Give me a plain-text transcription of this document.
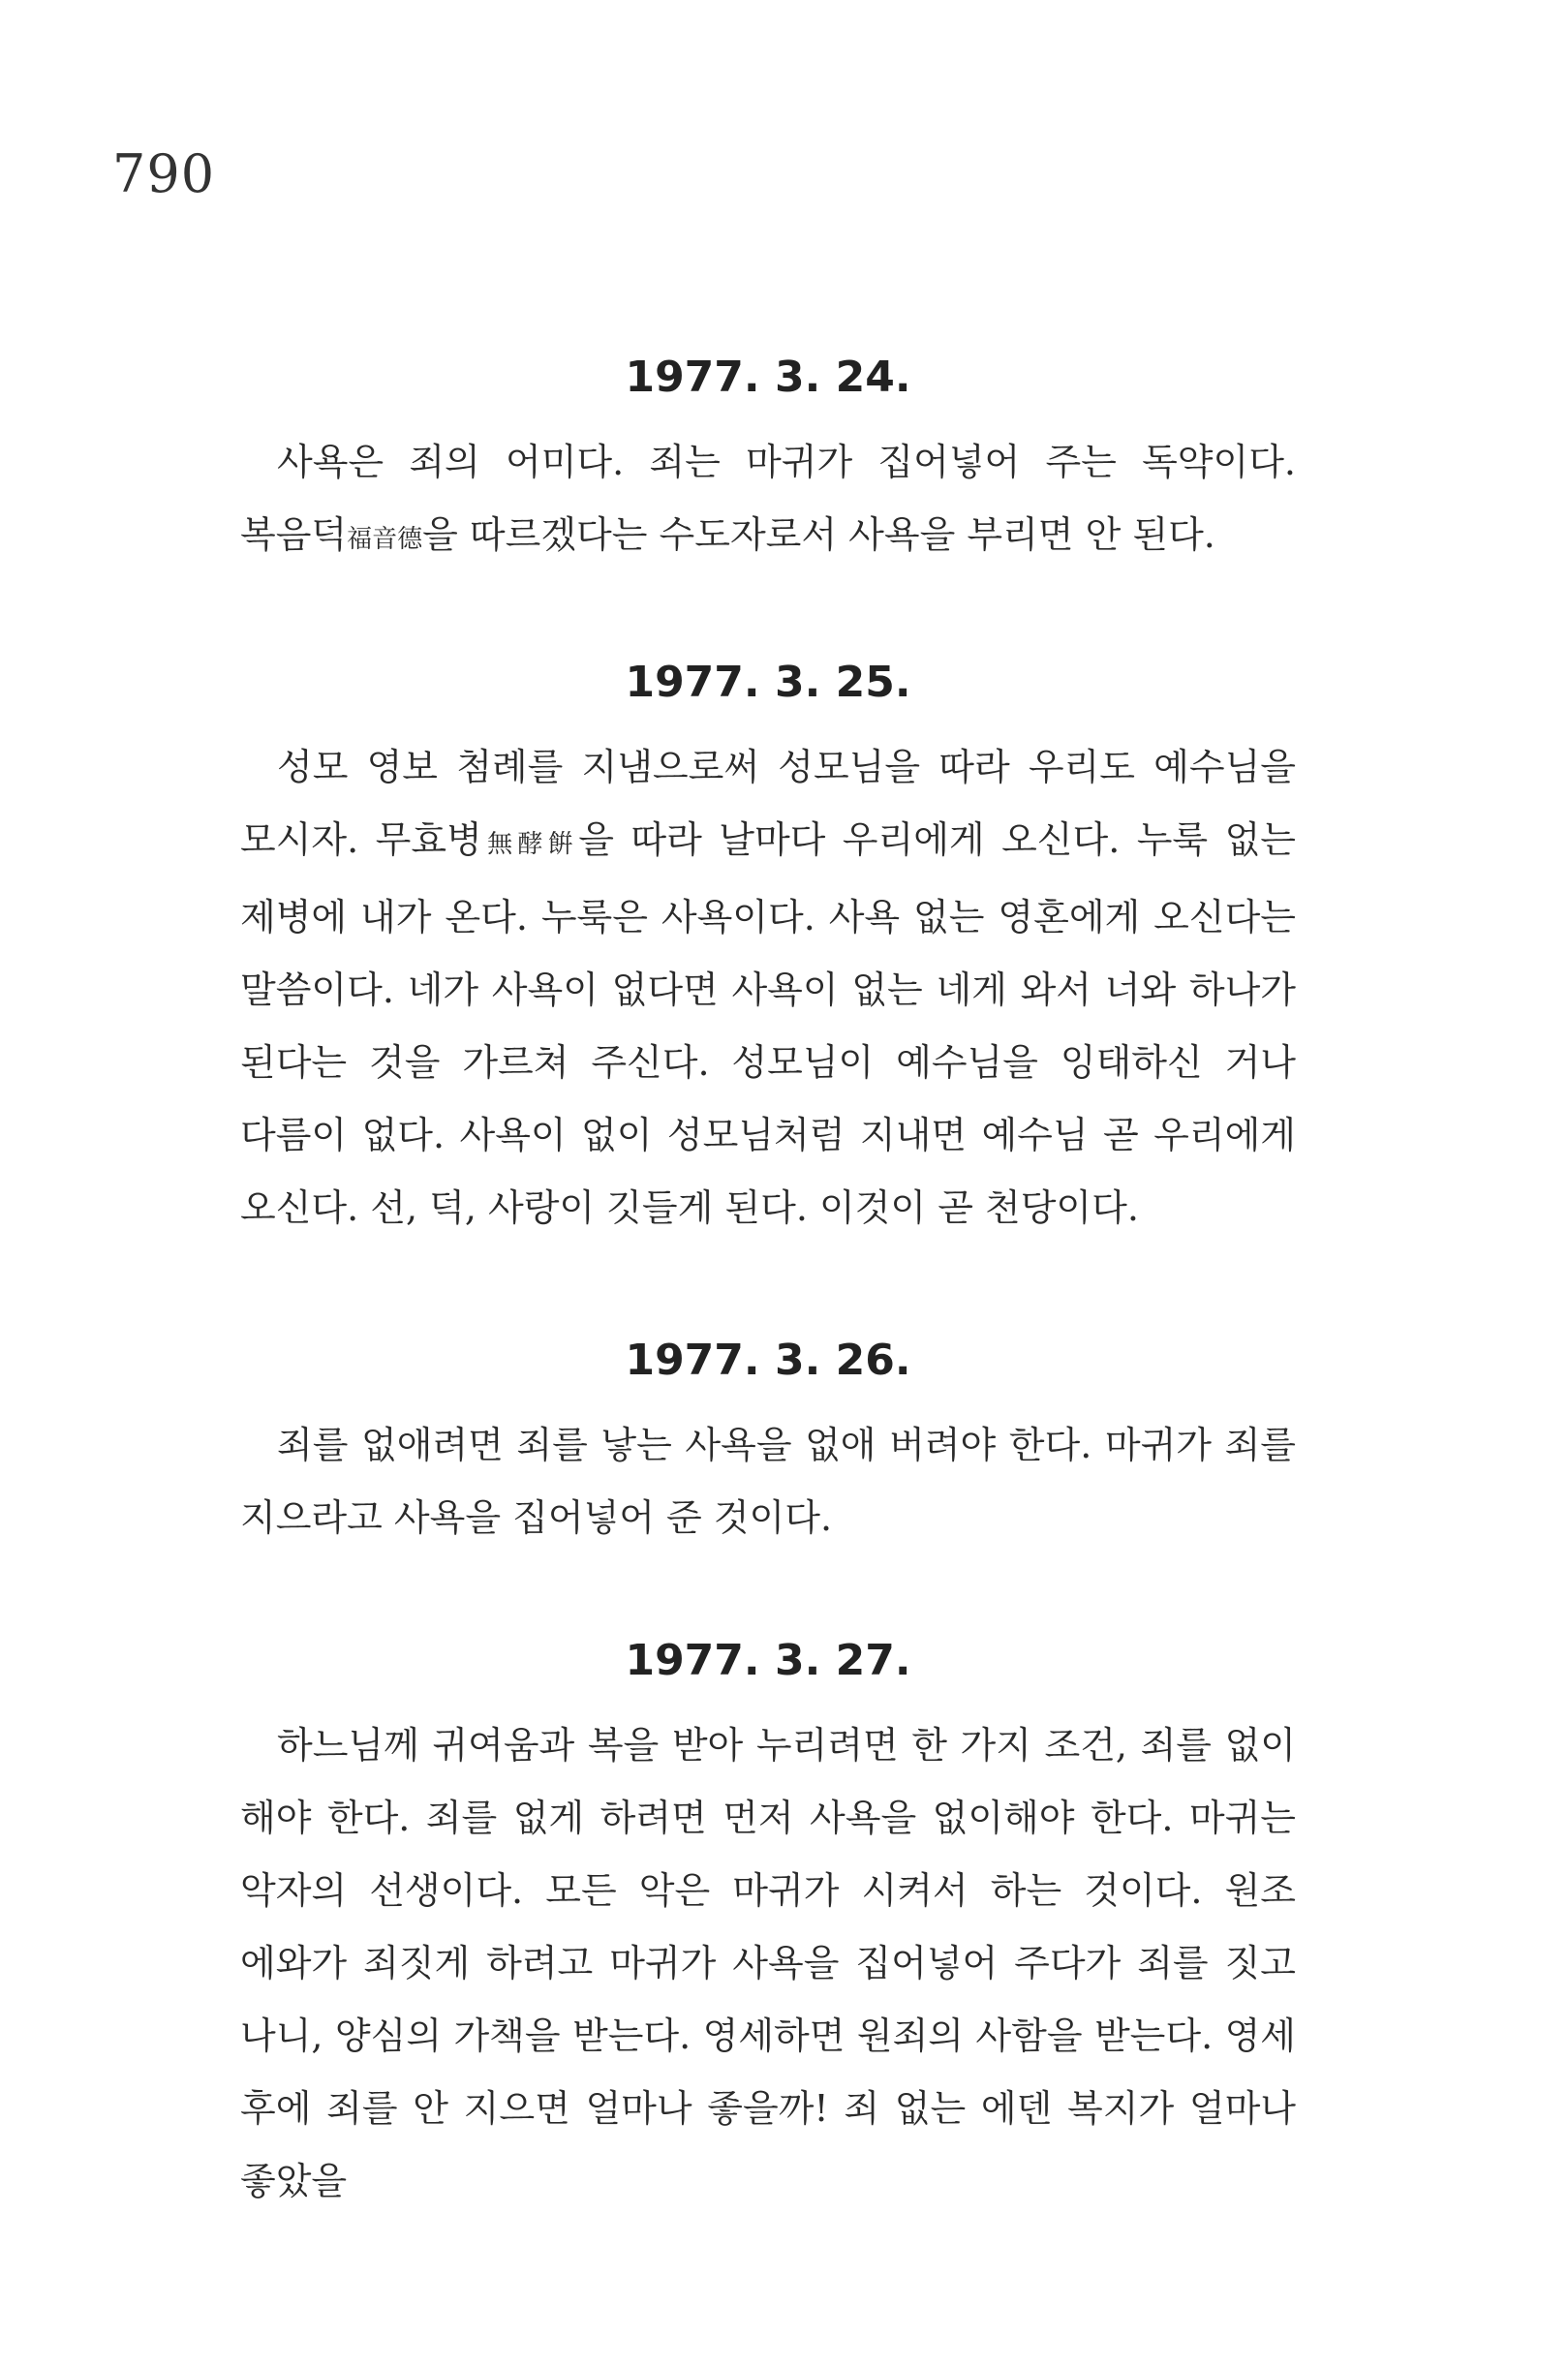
790
1977. 3. 24.

사욕은 죄의 어미다. 죄는 마귀가 집어넣어 주는 독약이다. 복음덕福音德을 따르겠다는 수도자로서 사욕을 부리면 안 된다.

1977. 3. 25.

성모 영보 첨례를 지냄으로써 성모님을 따라 우리도 예수님을 모시자. 무효병無酵餠을 따라 날마다 우리에게 오신다. 누룩 없는 제병에 내가 온다. 누룩은 사욕이다. 사욕 없는 영혼에게 오신다는 말씀이다. 네가 사욕이 없다면 사욕이 없는 네게 와서 너와 하나가 된다는 것을 가르쳐 주신다. 성모님이 예수님을 잉태하신 거나 다름이 없다. 사욕이 없이 성모님처럼 지내면 예수님 곧 우리에게 오신다. 선, 덕, 사랑이 깃들게 된다. 이것이 곧 천당이다.

1977. 3. 26.

죄를 없애려면 죄를 낳는 사욕을 없애 버려야 한다. 마귀가 죄를 지으라고 사욕을 집어넣어 준 것이다.

1977. 3. 27.

하느님께 귀여움과 복을 받아 누리려면 한 가지 조건, 죄를 없이 해야 한다. 죄를 없게 하려면 먼저 사욕을 없이해야 한다. 마귀는 악자의 선생이다. 모든 악은 마귀가 시켜서 하는 것이다. 원조 에와가 죄짓게 하려고 마귀가 사욕을 집어넣어 주다가 죄를 짓고 나니, 양심의 가책을 받는다. 영세하면 원죄의 사함을 받는다. 영세 후에 죄를 안 지으면 얼마나 좋을까! 죄 없는 에덴 복지가 얼마나 좋았을
